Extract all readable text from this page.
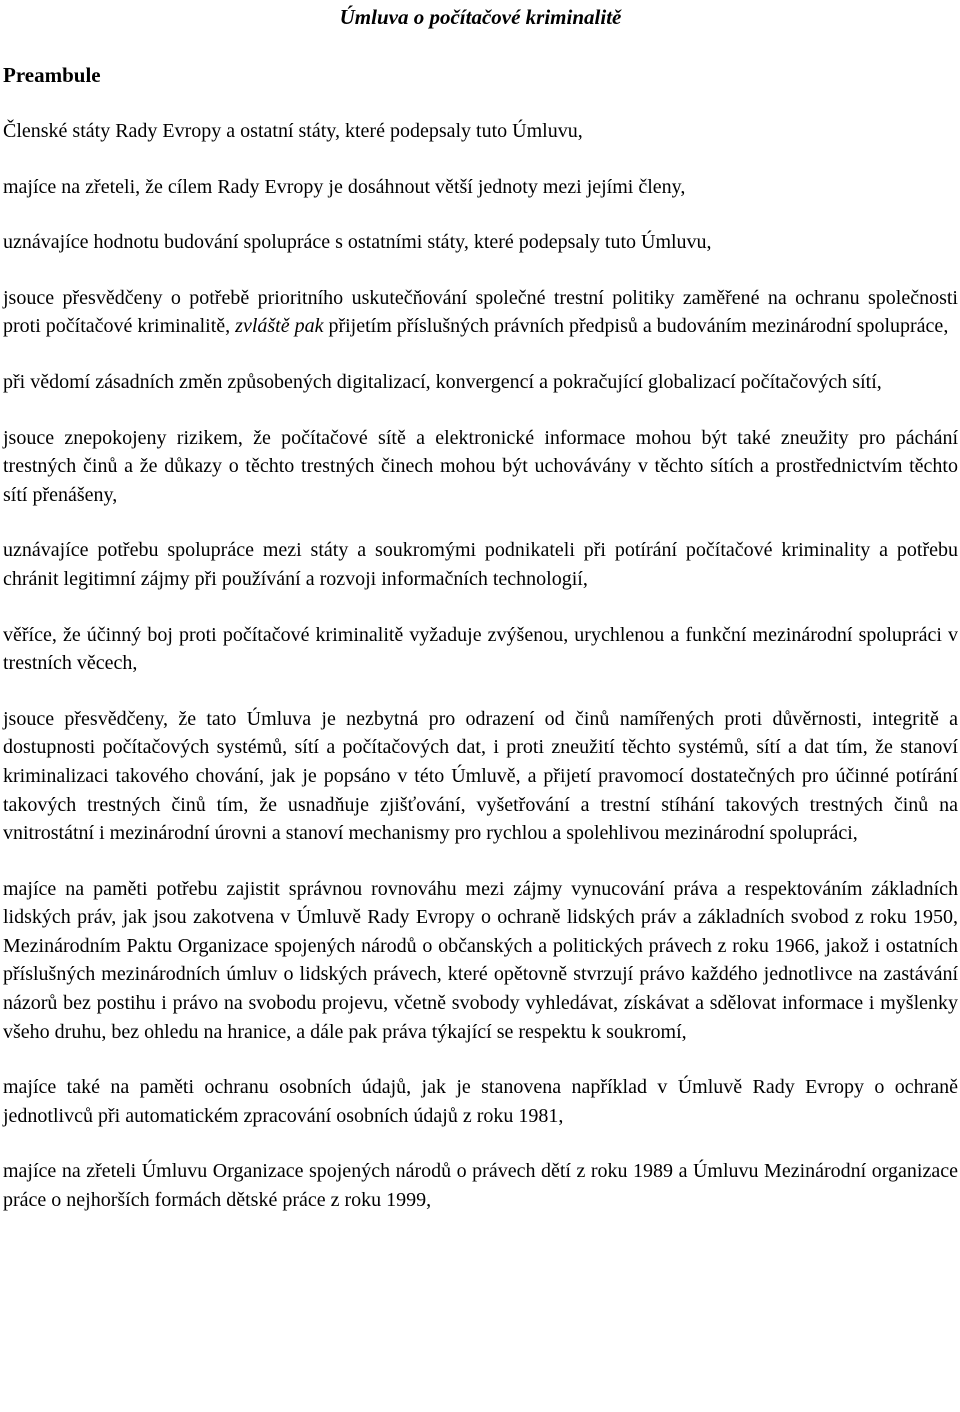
Úmluva o počítačové kriminalitě
Preambule

Členské státy Rady Evropy a ostatní státy, které podepsaly tuto Úmluvu,

majíce na zřeteli, že cílem Rady Evropy je dosáhnout větší jednoty mezi jejími členy,

uznávajíce hodnotu budování spolupráce s ostatními státy, které podepsaly tuto Úmluvu,

jsouce přesvědčeny o potřebě prioritního uskutečňování společné trestní politiky zaměřené na ochranu společnosti proti počítačové kriminalitě, zvláště pak přijetím příslušných právních předpisů a budováním mezinárodní spolupráce,

při vědomí zásadních změn způsobených digitalizací, konvergencí a pokračující globalizací počítačových sítí,

jsouce znepokojeny rizikem, že počítačové sítě a elektronické informace mohou být také zneužity pro páchání trestných činů a že důkazy o těchto trestných činech mohou být uchovávány v těchto sítích a prostřednictvím těchto sítí přenášeny,

uznávajíce potřebu spolupráce mezi státy a soukromými podnikateli při potírání počítačové kriminality a potřebu chránit legitimní zájmy při používání a rozvoji informačních technologií,

věříce, že účinný boj proti počítačové kriminalitě vyžaduje zvýšenou, urychlenou a funkční mezinárodní spolupráci v trestních věcech,

jsouce přesvědčeny, že tato Úmluva je nezbytná pro odrazení od činů namířených proti důvěrnosti, integritě a dostupnosti počítačových systémů, sítí a počítačových dat, i proti zneužití těchto systémů, sítí a dat tím, že stanoví kriminalizaci takového chování, jak je popsáno v této Úmluvě, a přijetí pravomocí dostatečných pro účinné potírání takových trestných činů tím, že usnadňuje zjišťování, vyšetřování a trestní stíhání takových trestných činů na vnitrostátní i mezinárodní úrovni a stanoví mechanismy pro rychlou a spolehlivou mezinárodní spolupráci,

majíce na paměti potřebu zajistit správnou rovnováhu mezi zájmy vynucování práva a respektováním základních lidských práv, jak jsou zakotvena v Úmluvě Rady Evropy o ochraně lidských práv a základních svobod z roku 1950, Mezinárodním Paktu Organizace spojených národů o občanských a politických právech z roku 1966, jakož i ostatních příslušných mezinárodních úmluv o lidských právech, které opětovně stvrzují právo každého jednotlivce na zastávání názorů bez postihu i právo na svobodu projevu, včetně svobody vyhledávat, získávat a sdělovat informace i myšlenky všeho druhu, bez ohledu na hranice, a dále pak práva týkající se respektu k soukromí,

majíce také na paměti ochranu osobních údajů, jak je stanovena například v Úmluvě Rady Evropy o ochraně jednotlivců při automatickém zpracování osobních údajů z roku 1981,

majíce na zřeteli Úmluvu Organizace spojených národů o právech dětí z roku 1989 a Úmluvu Mezinárodní organizace práce o nejhorších formách dětské práce z roku 1999,
